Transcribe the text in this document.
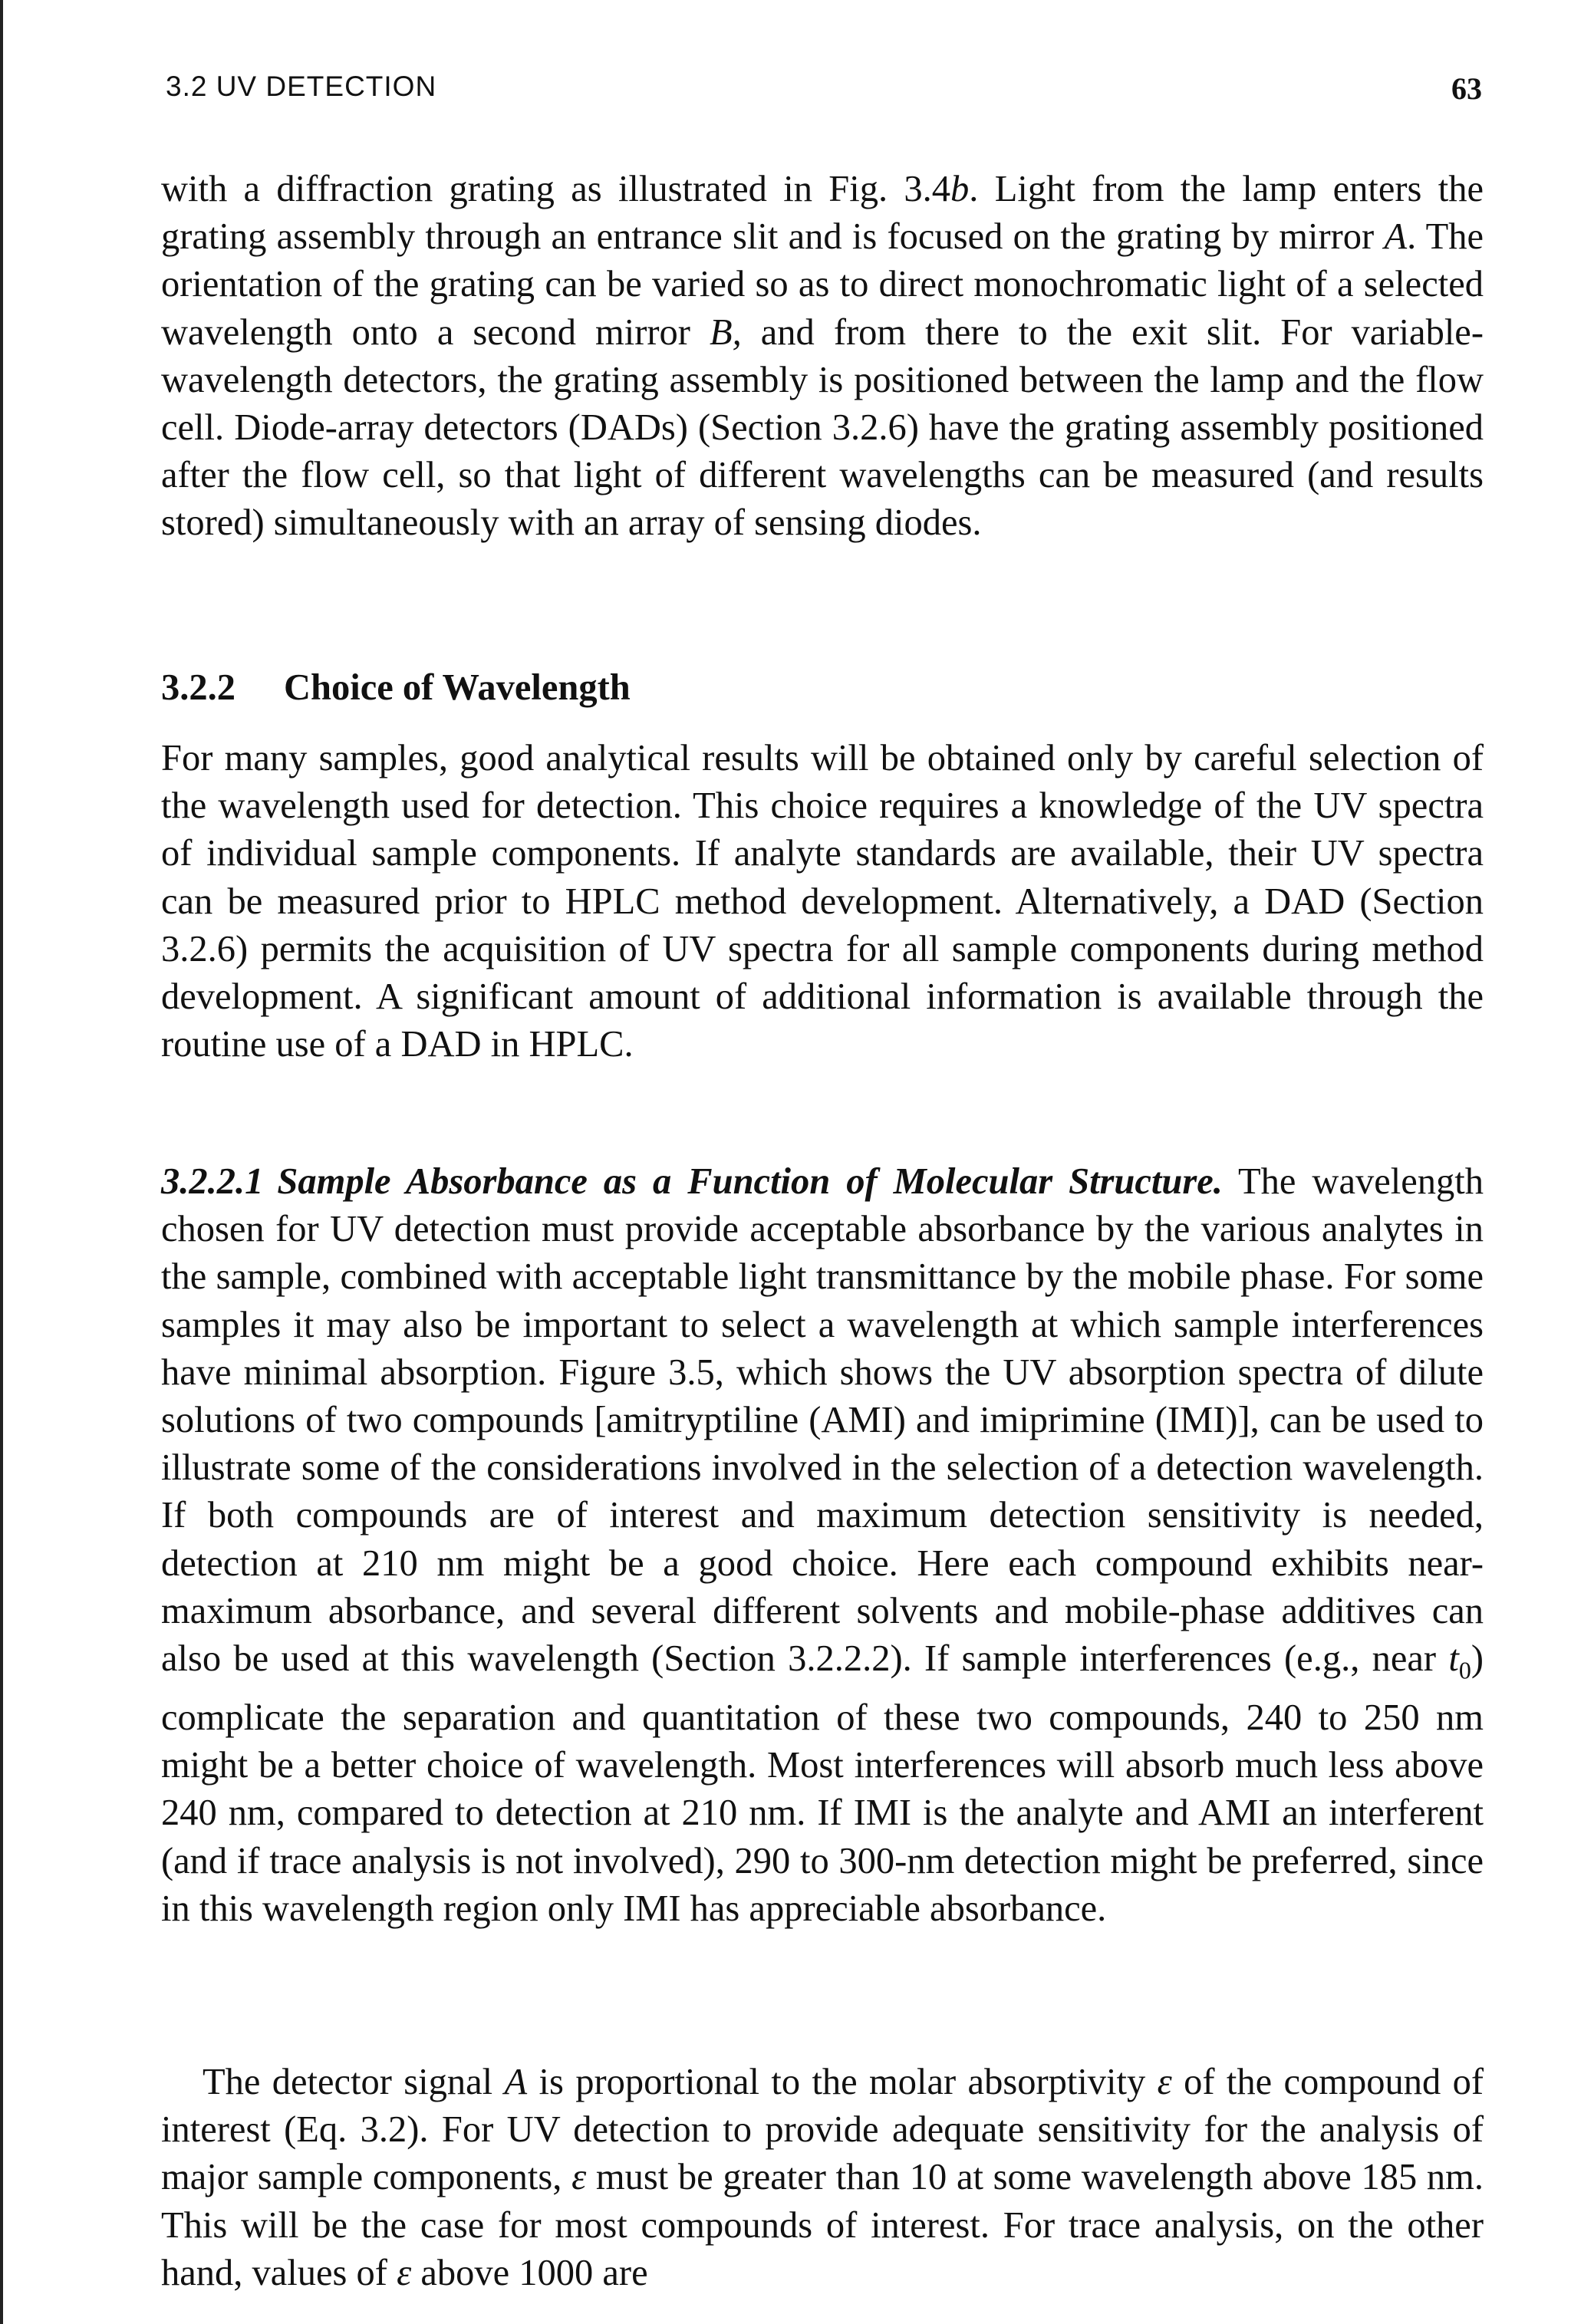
3.2 UV DETECTION	63

with a diffraction grating as illustrated in Fig. 3.4b. Light from the lamp enters the grating assembly through an entrance slit and is focused on the grating by mirror A. The orientation of the grating can be varied so as to direct monochromatic light of a selected wavelength onto a second mirror B, and from there to the exit slit. For variable-wavelength detectors, the grating assembly is positioned between the lamp and the flow cell. Diode-array detectors (DADs) (Section 3.2.6) have the grating assembly positioned after the flow cell, so that light of different wavelengths can be measured (and results stored) simultaneously with an array of sensing diodes.

3.2.2 Choice of Wavelength

For many samples, good analytical results will be obtained only by careful selection of the wavelength used for detection. This choice requires a knowledge of the UV spectra of individual sample components. If analyte standards are available, their UV spectra can be measured prior to HPLC method development. Alternatively, a DAD (Section 3.2.6) permits the acquisition of UV spectra for all sample components during method development. A significant amount of additional information is available through the routine use of a DAD in HPLC.

3.2.2.1 Sample Absorbance as a Function of Molecular Structure. The wavelength chosen for UV detection must provide acceptable absorbance by the various analytes in the sample, combined with acceptable light transmittance by the mobile phase. For some samples it may also be important to select a wavelength at which sample interferences have minimal absorption. Figure 3.5, which shows the UV absorption spectra of dilute solutions of two compounds [amitryptiline (AMI) and imiprimine (IMI)], can be used to illustrate some of the considerations involved in the selection of a detection wavelength. If both compounds are of interest and maximum detection sensitivity is needed, detection at 210 nm might be a good choice. Here each compound exhibits near-maximum absorbance, and several different solvents and mobile-phase additives can also be used at this wavelength (Section 3.2.2.2). If sample interferences (e.g., near $t_0$) complicate the separation and quantitation of these two compounds, 240 to 250 nm might be a better choice of wavelength. Most interferences will absorb much less above 240 nm, compared to detection at 210 nm. If IMI is the analyte and AMI an interferent (and if trace analysis is not involved), 290 to 300-nm detection might be preferred, since in this wavelength region only IMI has appreciable absorbance.

The detector signal A is proportional to the molar absorptivity ε of the compound of interest (Eq. 3.2). For UV detection to provide adequate sensitivity for the analysis of major sample components, ε must be greater than 10 at some wavelength above 185 nm. This will be the case for most compounds of interest. For trace analysis, on the other hand, values of ε above 1000 are
